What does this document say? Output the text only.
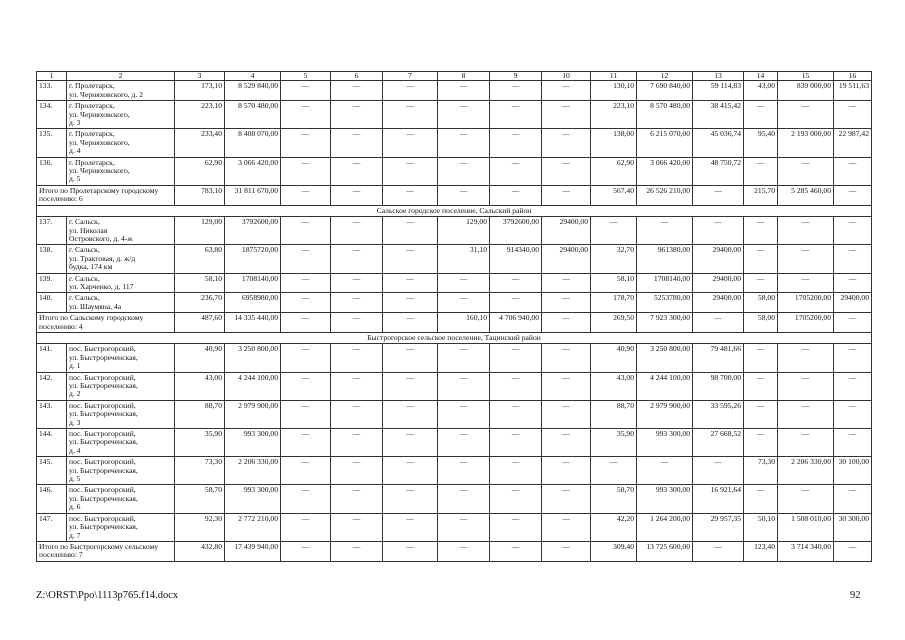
1	2	3	4	5	6	7	8	9	10	11	12	13	14	15	16
133.	г. Пролетарск,
ул. Черняховского, д. 2	173,10	8 529 840,00	—	—	—	—	—	—	130,10	7 690 840,00	59 114,83	43,00	839 000,00	19 511,63
134.	г. Пролетарск,
ул. Черняховского,
д. 3	223,10	8 570 480,00	—	—	—	—	—	—	223,10	8 570 480,00	38 415,42	—	—	—
135.	г. Пролетарск,
ул. Черняховского,
д. 4	233,40	8 408 070,00	—	—	—	—	—	—	138,00	6 215 070,00	45 036,74	95,40	2 193 000,00	22 987,42
136.	г. Пролетарск,
ул. Черняховского,
д. 5	62,90	3 066 420,00	—	—	—	—	—	—	62,90	3 066 420,00	48 750,72	—	—	—
Итого по Пролетарскому городскому поселению: 6		783,10	31 811 670,00	—	—	—	—	—	—	567,40	26 526 210,00	—	215,70	5 285 460,00	—
Сальское городское поселение, Сальский район															
137.	г. Сальск,
ул. Николая
Островского, д. 4-ж	129,00	3792600,00	—	—	—	129,00	3792600,00	29400,00	—	—	—	—	—	—
138.	г. Сальск,
ул. Трактовая, д. ж/д
будка, 174 км	63,80	1875720,00	—	—	—	31,10	914340,00	29400,00	32,70	961380,00	29400,00	—	—	—
139.	г. Сальск,
ул. Харченко, д. 117	58,10	1708140,00	—	—	—	—	—	—	58,10	1708140,00	29400,00	—	—	—
140.	г. Сальск,
ул. Шаумяна, 4а	236,70	6958980,00	—	—	—	—	—	—	178,70	5253780,00	29400,00	58,00	1705200,00	29400,00
Итого по Сальскому городскому поселению: 4		487,60	14 335 440,00	—	—	—	160,10	4 706 940,00	—	269,50	7 923 300,00	—	58,00	1705200,00	—
Быстрогорское сельское поселение, Тацинский район															
141.	пос. Быстрогорский,
ул. Быстрореченская,
д. 1	40,90	3 250 800,00	—	—	—	—	—	—	40,90	3 250 800,00	79 481,66	—	—	—
142.	пос. Быстрогорский,
ул. Быстрореченская,
д. 2	43,00	4 244 100,00	—	—	—	—	—	—	43,00	4 244 100,00	98 700,00	—	—	—
143.	пос. Быстрогорский,
ул. Быстрореченская,
д. 3	88,70	2 979 900,00	—	—	—	—	—	—	88,70	2 979 900,00	33 595,26	—	—	—
144.	пос. Быстрогорский,
ул. Быстрореченская,
д. 4	35,90	993 300,00	—	—	—	—	—	—	35,90	993 300,00	27 668,52	—	—	—
145.	пос. Быстрогорский,
ул. Быстрореченская,
д. 5	73,30	2 206 330,00	—	—	—	—	—	—	—	—	—	73,30	2 206 330,00	30 100,00
146.	пос. Быстрогорский,
ул. Быстрореченская,
д. 6	58,70	993 300,00	—	—	—	—	—	—	58,70	993 300,00	16 921,64	—	—	—
147.	пос. Быстрогорский,
ул. Быстрореченская,
д. 7	92,30	2 772 210,00	—	—	—	—	—	—	42,20	1 264 200,00	29 957,35	50,10	1 508 010,00	30 300,00
Итого по Быстрогорскому сельскому поселению: 7		432,80	17 439 940,00	—	—	—	—	—	—	309,40	13 725 600,00	—	123,40	3 714 340,00	—
Z:\ORST\Ppo\1113p765.f14.docx	92
